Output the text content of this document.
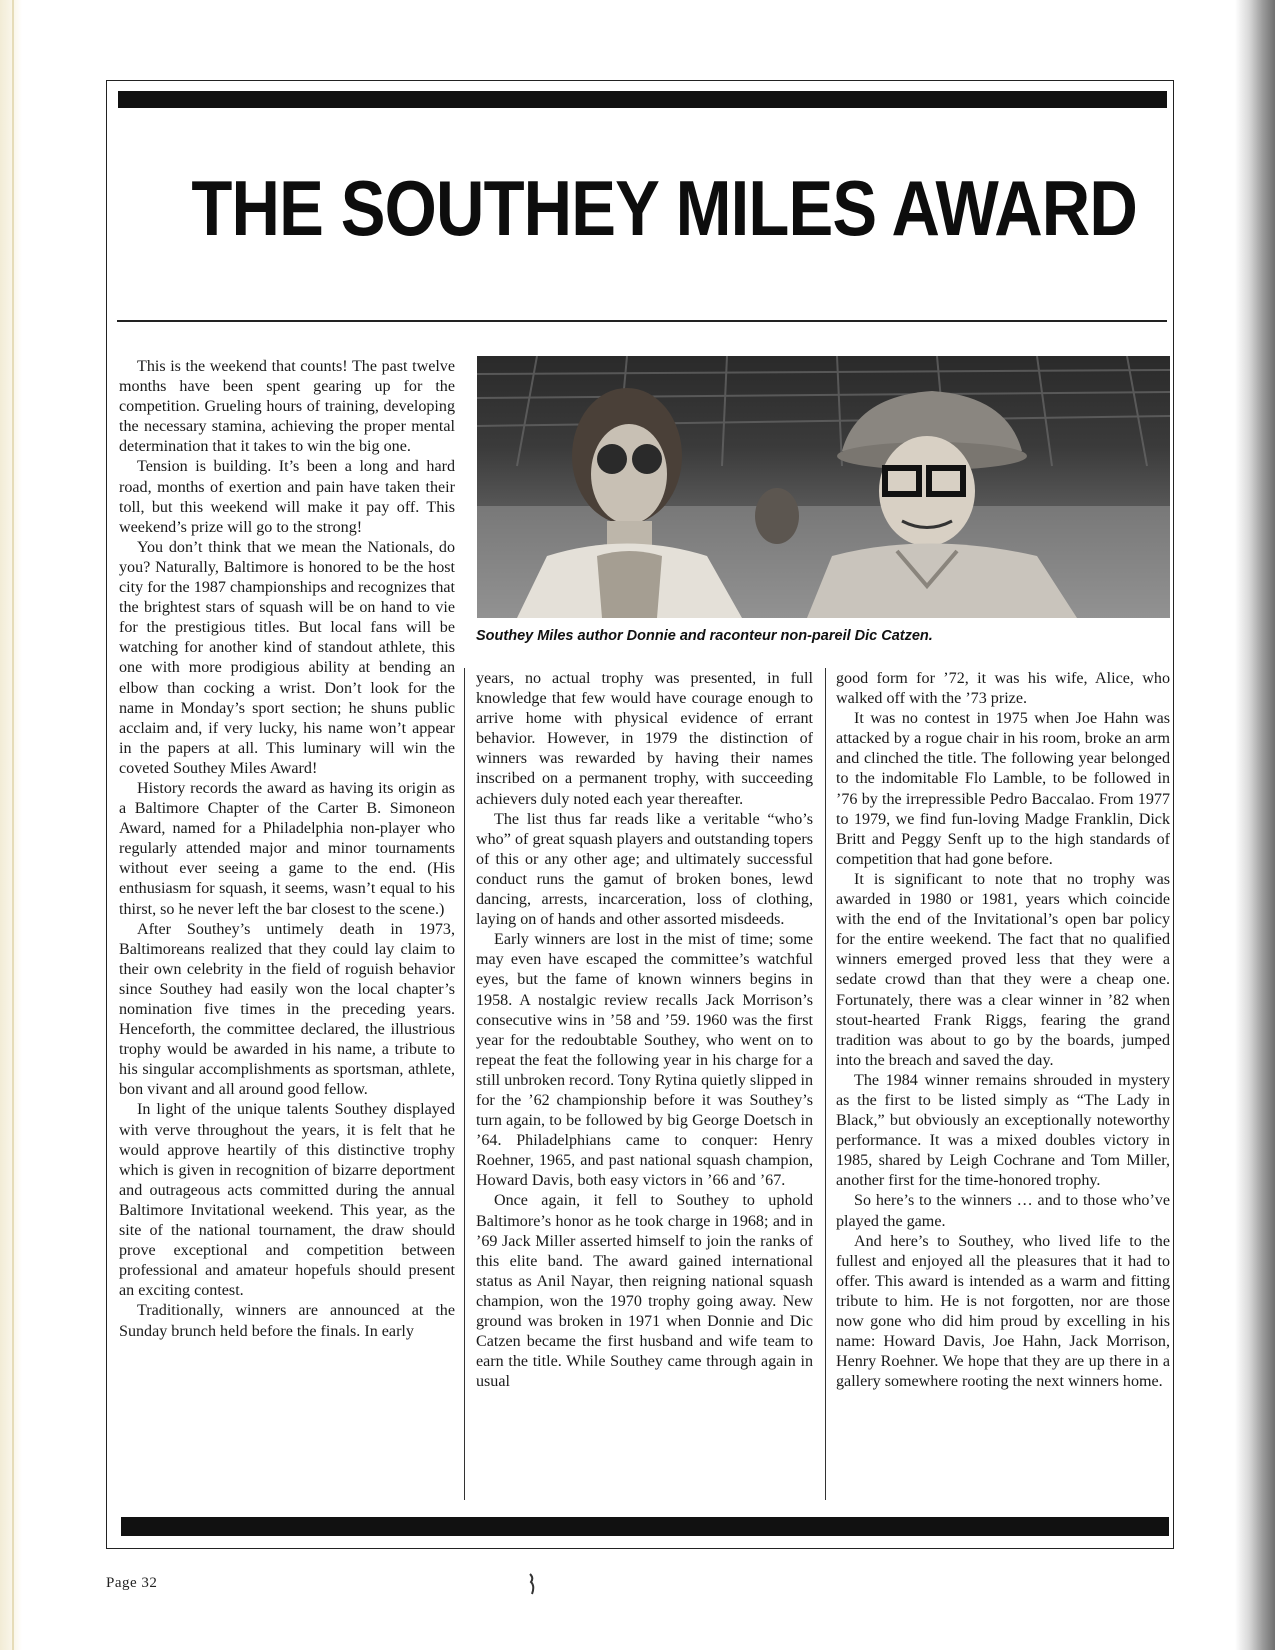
THE SOUTHEY MILES AWARD
Southey Miles author Donnie and raconteur non-pareil Dic Catzen.

This is the weekend that counts! The past twelve months have been spent gearing up for the competition. Grueling hours of training, developing the necessary stamina, achieving the proper mental determination that it takes to win the big one.

Tension is building. It’s been a long and hard road, months of exertion and pain have taken their toll, but this weekend will make it pay off. This weekend’s prize will go to the strong!

You don’t think that we mean the Nationals, do you? Naturally, Baltimore is honored to be the host city for the 1987 championships and recognizes that the brightest stars of squash will be on hand to vie for the prestigious titles. But local fans will be watching for another kind of standout athlete, this one with more prodigious ability at bending an elbow than cocking a wrist. Don’t look for the name in Monday’s sport section; he shuns public acclaim and, if very lucky, his name won’t appear in the papers at all. This luminary will win the coveted Southey Miles Award!

History records the award as having its origin as a Baltimore Chapter of the Carter B. Simoneon Award, named for a Philadelphia non-player who regularly attended major and minor tournaments without ever seeing a game to the end. (His enthusiasm for squash, it seems, wasn’t equal to his thirst, so he never left the bar closest to the scene.)

After Southey’s untimely death in 1973, Baltimoreans realized that they could lay claim to their own celebrity in the field of roguish behavior since Southey had easily won the local chapter’s nomination five times in the preceding years. Henceforth, the committee declared, the illustrious trophy would be awarded in his name, a tribute to his singular accomplishments as sportsman, athlete, bon vivant and all around good fellow.

In light of the unique talents Southey displayed with verve throughout the years, it is felt that he would approve heartily of this distinctive trophy which is given in recognition of bizarre deportment and outrageous acts committed during the annual Baltimore Invitational weekend. This year, as the site of the national tournament, the draw should prove exceptional and competition between professional and amateur hopefuls should present an exciting contest.

Traditionally, winners are announced at the Sunday brunch held before the finals. In early

years, no actual trophy was presented, in full knowledge that few would have courage enough to arrive home with physical evidence of errant behavior. However, in 1979 the distinction of winners was rewarded by having their names inscribed on a permanent trophy, with succeeding achievers duly noted each year thereafter.

The list thus far reads like a veritable “who’s who” of great squash players and outstanding topers of this or any other age; and ultimately successful conduct runs the gamut of broken bones, lewd dancing, arrests, incarceration, loss of clothing, laying on of hands and other assorted misdeeds.

Early winners are lost in the mist of time; some may even have escaped the committee’s watchful eyes, but the fame of known winners begins in 1958. A nostalgic review recalls Jack Morrison’s consecutive wins in ’58 and ’59. 1960 was the first year for the redoubtable Southey, who went on to repeat the feat the following year in his charge for a still unbroken record. Tony Rytina quietly slipped in for the ’62 championship before it was Southey’s turn again, to be followed by big George Doetsch in ’64. Philadelphians came to conquer: Henry Roehner, 1965, and past national squash champion, Howard Davis, both easy victors in ’66 and ’67.

Once again, it fell to Southey to uphold Baltimore’s honor as he took charge in 1968; and in ’69 Jack Miller asserted himself to join the ranks of this elite band. The award gained international status as Anil Nayar, then reigning national squash champion, won the 1970 trophy going away. New ground was broken in 1971 when Donnie and Dic Catzen became the first husband and wife team to earn the title. While Southey came through again in usual

good form for ’72, it was his wife, Alice, who walked off with the ’73 prize.

It was no contest in 1975 when Joe Hahn was attacked by a rogue chair in his room, broke an arm and clinched the title. The following year belonged to the indomitable Flo Lamble, to be followed in ’76 by the irrepressible Pedro Baccalao. From 1977 to 1979, we find fun-loving Madge Franklin, Dick Britt and Peggy Senft up to the high standards of competition that had gone before.

It is significant to note that no trophy was awarded in 1980 or 1981, years which coincide with the end of the Invitational’s open bar policy for the entire weekend. The fact that no qualified winners emerged proved less that they were a sedate crowd than that they were a cheap one. Fortunately, there was a clear winner in ’82 when stout-hearted Frank Riggs, fearing the grand tradition was about to go by the boards, jumped into the breach and saved the day.

The 1984 winner remains shrouded in mystery as the first to be listed simply as “The Lady in Black,” but obviously an exceptionally noteworthy performance. It was a mixed doubles victory in 1985, shared by Leigh Cochrane and Tom Miller, another first for the time-honored trophy.

So here’s to the winners … and to those who’ve played the game.

And here’s to Southey, who lived life to the fullest and enjoyed all the pleasures that it had to offer. This award is intended as a warm and fitting tribute to him. He is not forgotten, nor are those now gone who did him proud by excelling in his name: Howard Davis, Joe Hahn, Jack Morrison, Henry Roehner. We hope that they are up there in a gallery somewhere rooting the next winners home.

Page 32
